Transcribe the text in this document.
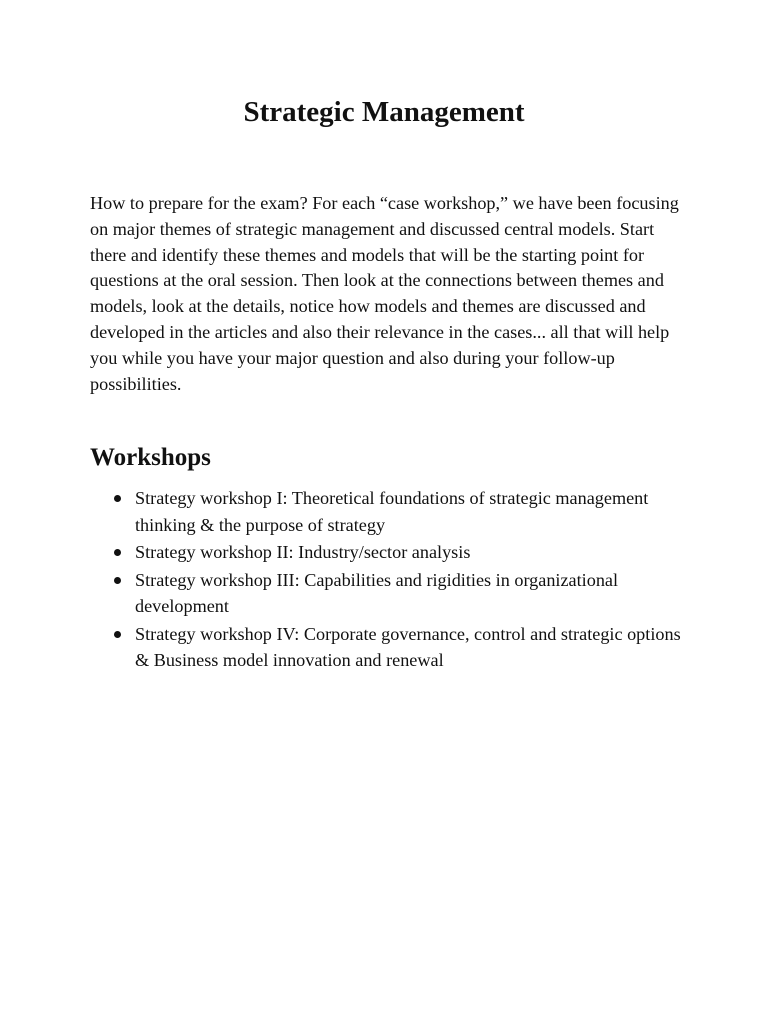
Strategic Management

How to prepare for the exam? For each “case workshop,” we have been focusing on major themes of strategic management and discussed central models. Start there and identify these themes and models that will be the starting point for questions at the oral session. Then look at the connections between themes and models, look at the details, notice how models and themes are discussed and developed in the articles and also their relevance in the cases... all that will help you while you have your major question and also during your follow-up possibilities.

Workshops
Strategy workshop I: Theoretical foundations of strategic management thinking & the purpose of strategy
Strategy workshop II: Industry/sector analysis
Strategy workshop III: Capabilities and rigidities in organizational development
Strategy workshop IV: Corporate governance, control and strategic options & Business model innovation and renewal
